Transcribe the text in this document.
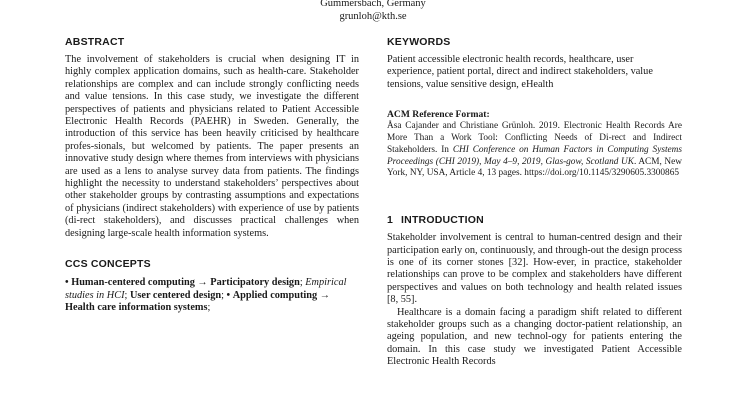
Gummersbach, Germany
grunloh@kth.se
ABSTRACT

The involvement of stakeholders is crucial when designing IT in highly complex application domains, such as health-care. Stakeholder relationships are complex and can include strongly conflicting needs and value tensions. In this case study, we investigate the different perspectives of patients and physicians related to Patient Accessible Electronic Health Records (PAEHR) in Sweden. Generally, the introduction of this service has been heavily criticised by healthcare profes-sionals, but welcomed by patients. The paper presents an innovative study design where themes from interviews with physicians are used as a lens to analyse survey data from patients. The findings highlight the necessity to understand stakeholders’ perspectives about other stakeholder groups by contrasting assumptions and expectations of physicians (indirect stakeholders) with experience of use by patients (di-rect stakeholders), and discusses practical challenges when designing large-scale health information systems.

CCS CONCEPTS

• Human-centered computing → Participatory design; Empirical studies in HCI; User centered design; • Applied computing → Health care information systems;

KEYWORDS

Patient accessible electronic health records, healthcare, user experience, patient portal, direct and indirect stakeholders, value tensions, value sensitive design, eHealth

ACM Reference Format:

Åsa Cajander and Christiane Grünloh. 2019. Electronic Health Records Are More Than a Work Tool: Conflicting Needs of Di-rect and Indirect Stakeholders. In CHI Conference on Human Factors in Computing Systems Proceedings (CHI 2019), May 4–9, 2019, Glas-gow, Scotland UK. ACM, New York, NY, USA, Article 4, 13 pages. https://doi.org/10.1145/3290605.3300865

1 INTRODUCTION

Stakeholder involvement is central to human-centred design and their participation early on, continuously, and through-out the design process is one of its corner stones [32]. How-ever, in practice, stakeholder relationships can prove to be complex and stakeholders have different perspectives and values on both technology and health related issues [8, 55].

Healthcare is a domain facing a paradigm shift related to different stakeholder groups such as a changing doctor-patient relationship, an ageing population, and new technol-ogy for patients entering the domain. In this case study we investigated Patient Accessible Electronic Health Records
